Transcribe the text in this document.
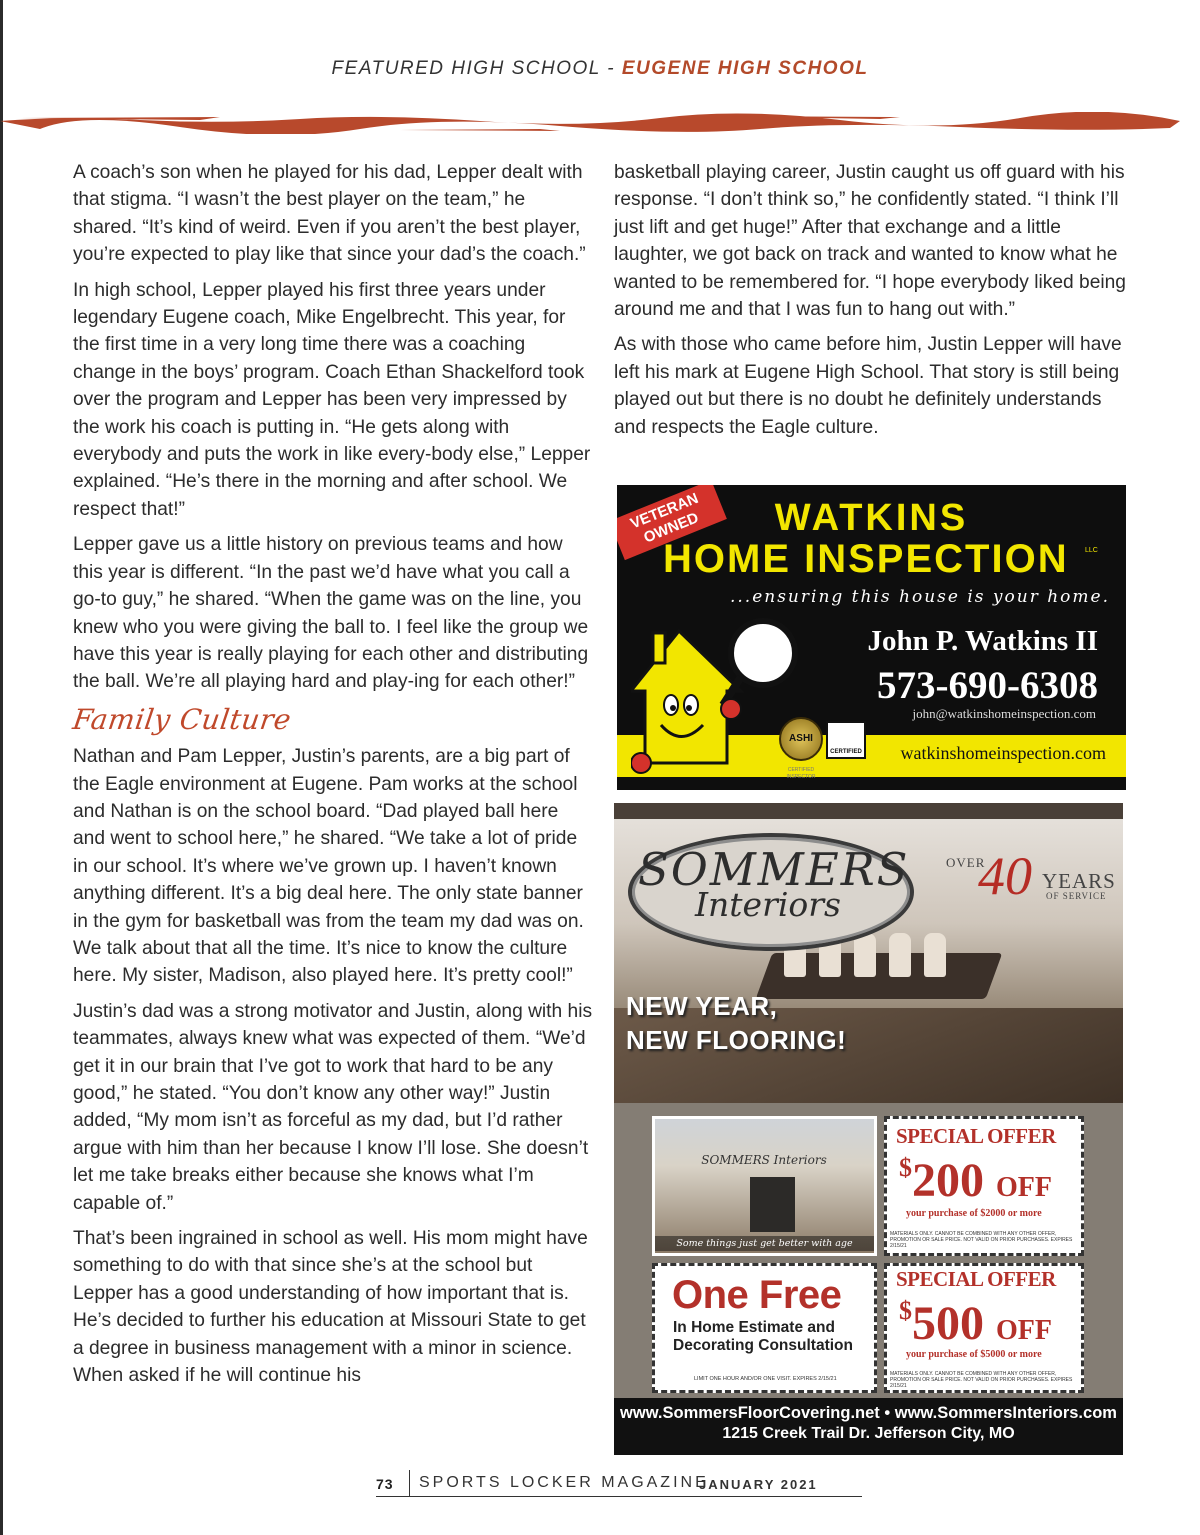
FEATURED HIGH SCHOOL - EUGENE HIGH SCHOOL

A coach’s son when he played for his dad, Lepper dealt with that stigma. “I wasn’t the best player on the team,” he shared. “It’s kind of weird. Even if you aren’t the best player, you’re expected to play like that since your dad’s the coach.”

In high school, Lepper played his first three years under legendary Eugene coach, Mike Engelbrecht. This year, for the first time in a very long time there was a coaching change in the boys’ program. Coach Ethan Shackelford took over the program and Lepper has been very impressed by the work his coach is putting in. “He gets along with everybody and puts the work in like every-body else,” Lepper explained. “He’s there in the morning and after school. We respect that!”

Lepper gave us a little history on previous teams and how this year is different. “In the past we’d have what you call a go-to guy,” he shared. “When the game was on the line, you knew who you were giving the ball to. I feel like the group we have this year is really playing for each other and distributing the ball. We’re all playing hard and play-ing for each other!”

Family Culture

Nathan and Pam Lepper, Justin’s parents, are a big part of the Eagle environment at Eugene. Pam works at the school and Nathan is on the school board. “Dad played ball here and went to school here,” he shared. “We take a lot of pride in our school. It’s where we’ve grown up. I haven’t known anything different. It’s a big deal here. The only state banner in the gym for basketball was from the team my dad was on. We talk about that all the time. It’s nice to know the culture here. My sister, Madison, also played here. It’s pretty cool!”

Justin’s dad was a strong motivator and Justin, along with his teammates, always knew what was expected of them. “We’d get it in our brain that I’ve got to work that hard to be any good,” he stated. “You don’t know any other way!” Justin added, “My mom isn’t as forceful as my dad, but I’d rather argue with him than her because I know I’ll lose. She doesn’t let me take breaks either because she knows what I’m capable of.”

That’s been ingrained in school as well. His mom might have something to do with that since she’s at the school but Lepper has a good understanding of how important that is. He’s decided to further his education at Missouri State to get a degree in business management with a minor in science. When asked if he will continue his

basketball playing career, Justin caught us off guard with his response. “I don’t think so,” he confidently stated. “I think I’ll just lift and get huge!” After that exchange and a little laughter, we got back on track and wanted to know what he wanted to be remembered for. “I hope everybody liked being around me and that I was fun to hang out with.”

As with those who came before him, Justin Lepper will have left his mark at Eugene High School. That story is still being played out but there is no doubt he definitely understands and respects the Eagle culture.

VETERAN OWNED	WATKINS
HOME INSPECTION LLC
...ensuring this house is your home.
John P. Watkins II
573-690-6308
john@watkinshomeinspection.com
watkinshomeinspection.com
ASHI
CERTIFIED
CERTIFIED INSPECTOR
SOMMERS
Interiors
OVER
40 YEARS
OF SERVICE
NEW YEAR,
NEW FLOORING!
SOMMERS Interiors
Some things just get better with age
SPECIAL OFFER
$200 OFF
your purchase of $2000 or more
MATERIALS ONLY. CANNOT BE COMBINED WITH ANY OTHER OFFER, PROMOTION OR SALE PRICE. NOT VALID ON PRIOR PURCHASES. EXPIRES 2/15/21
One Free
In Home Estimate and
Decorating Consultation
LIMIT ONE HOUR AND/OR ONE VISIT. EXPIRES 2/15/21
SPECIAL OFFER
$500 OFF
your purchase of $5000 or more
MATERIALS ONLY. CANNOT BE COMBINED WITH ANY OTHER OFFER, PROMOTION OR SALE PRICE. NOT VALID ON PRIOR PURCHASES. EXPIRES 2/15/21
www.SommersFloorCovering.net • www.SommersInteriors.com
1215 Creek Trail Dr. Jefferson City, MO
73 SPORTS LOCKER MAGAZINE
JANUARY 2021
